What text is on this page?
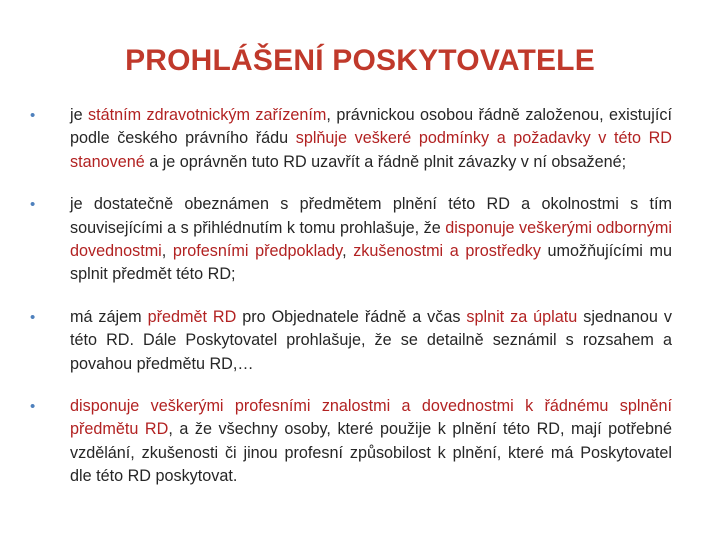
PROHLÁŠENÍ POSKYTOVATELE
•	je státním zdravotnickým zařízením, právnickou osobou řádně založenou, existující podle českého právního řádu splňuje veškeré podmínky a požadavky v této RD stanovené a je oprávněn tuto RD uzavřít a řádně plnit závazky v ní obsažené;
•	je dostatečně obeznámen s předmětem plnění této RD a okolnostmi s tím souvisejícími a s přihlédnutím k tomu prohlašuje, že disponuje veškerými odbornými dovednostmi, profesními předpoklady, zkušenostmi a prostředky umožňujícími mu splnit předmět této RD;
•	má zájem předmět RD pro Objednatele řádně a včas splnit za úplatu sjednanou v této RD. Dále Poskytovatel prohlašuje, že se detailně seznámil s rozsahem a povahou předmětu RD,…
•	disponuje veškerými profesními znalostmi a dovednostmi k řádnému splnění předmětu RD, a že všechny osoby, které použije k plnění této RD, mají potřebné vzdělání, zkušenosti či jinou profesní způsobilost k plnění, které má Poskytovatel dle této RD poskytovat.
